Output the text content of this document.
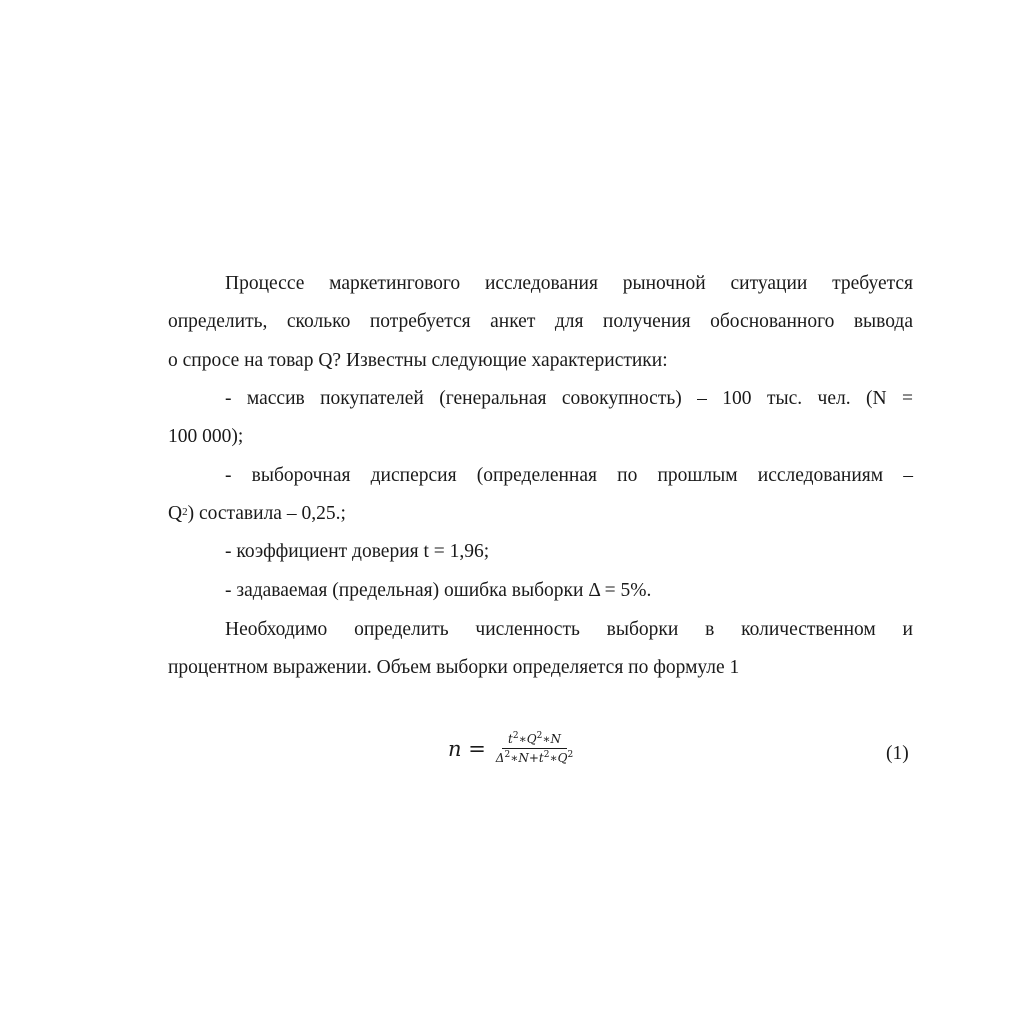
Процессе маркетингового исследования рыночной ситуации требуется
определить, сколько потребуется анкет для получения обоснованного вывода
о спросе на товар Q? Известны следующие характеристики:
- массив покупателей (генеральная совокупность) – 100 тыс. чел. (N =
100 000);
- выборочная дисперсия (определенная по прошлым исследованиям –
$Q^2$) составила – 0,25.;
- коэффициент доверия t = 1,96;
- задаваемая (предельная) ошибка выборки Δ = 5%.
Необходимо определить численность выборки в количественном и
процентном выражении. Объем выборки определяется по формуле 1
$n = \frac{t^2∗Q^2∗N}{\Delta^2∗N+t^2∗Q^2}$	(1)
